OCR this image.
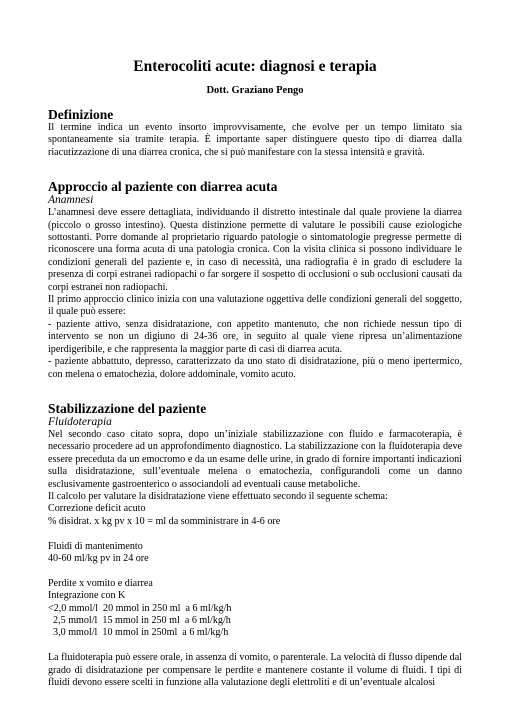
Enterocoliti acute: diagnosi e terapia
Dott. Graziano Pengo
Definizione

Il termine indica un evento insorto improvvisamente, che evolve per un tempo limitato sia spontaneamente sia tramite terapia. È importante saper distinguere questo tipo di diarrea dalla riacutizzazione di una diarrea cronica, che si può manifestare con la stessa intensità e gravità.

Approccio al paziente con diarrea acuta
Anamnesi

L’anamnesi deve essere dettagliata, individuando il distretto intestinale dal quale proviene la diarrea (piccolo o grosso intestino). Questa distinzione permette di valutare le possibili cause eziologiche sottostanti. Porre domande al proprietario riguardo patologie o sintomatologie pregresse permette di riconoscere una forma acuta di una patologia cronica. Con la visita clinica si possono individuare le condizioni generali del paziente e, in caso di necessità, una radiografia è in grado di escludere la presenza di corpi estranei radiopachi o far sorgere il sospetto di occlusioni o sub occlusioni causati da corpi estranei non radiopachi.

Il primo approccio clinico inizia con una valutazione oggettiva delle condizioni generali del soggetto, il quale può essere:

- paziente attivo, senza disidratazione, con appetito mantenuto, che non richiede nessun tipo di intervento se non un digiuno di 24-36 ore, in seguito al quale viene ripresa un’alimentazione iperdigeribile, e che rappresenta la maggior parte di casi di diarrea acuta.

- paziente abbattuto, depresso, caratterizzato da uno stato di disidratazione, più o meno ipertermico, con melena o ematochezia, dolore addominale, vomito acuto.

Stabilizzazione del paziente
Fluidoterapia

Nel secondo caso citato sopra, dopo un’iniziale stabilizzazione con fluido e farmacoterapia, è necessario procedere ad un approfondimento diagnostico. La stabilizzazione con la fluidoterapia deve essere preceduta da un emocromo e da un esame delle urine, in grado di fornire importanti indicazioni sulla disidratazione, sull’eventuale melena o ematochezia, configurandoli come un danno esclusivamente gastroenterico o associandoli ad eventuali cause metaboliche.

Il calcolo per valutare la disidratazione viene effettuato secondo il seguente schema:

Correzione deficit acuto

% disidrat. x kg pv x 10 = ml da somministrare in 4-6 ore

Fluidi di mantenimento

40-60 ml/kg pv in 24 ore

Perdite x vomito e diarrea

Integrazione con K

<2,0 mmol/l  20 mmol in 250 ml  a 6 ml/kg/h

2,5 mmol/l  15 mmol in 250 ml  a 6 ml/kg/h

3,0 mmol/l  10 mmol in 250ml  a 6 ml/kg/h

La fluidoterapia può essere orale, in assenza di vomito, o parenterale. La velocità di flusso dipende dal grado di disidratazione per compensare le perdite e mantenere costante il volume di fluidi. I tipi di fluidi devono essere scelti in funzione alla valutazione degli elettroliti e di un’eventuale alcalosi
